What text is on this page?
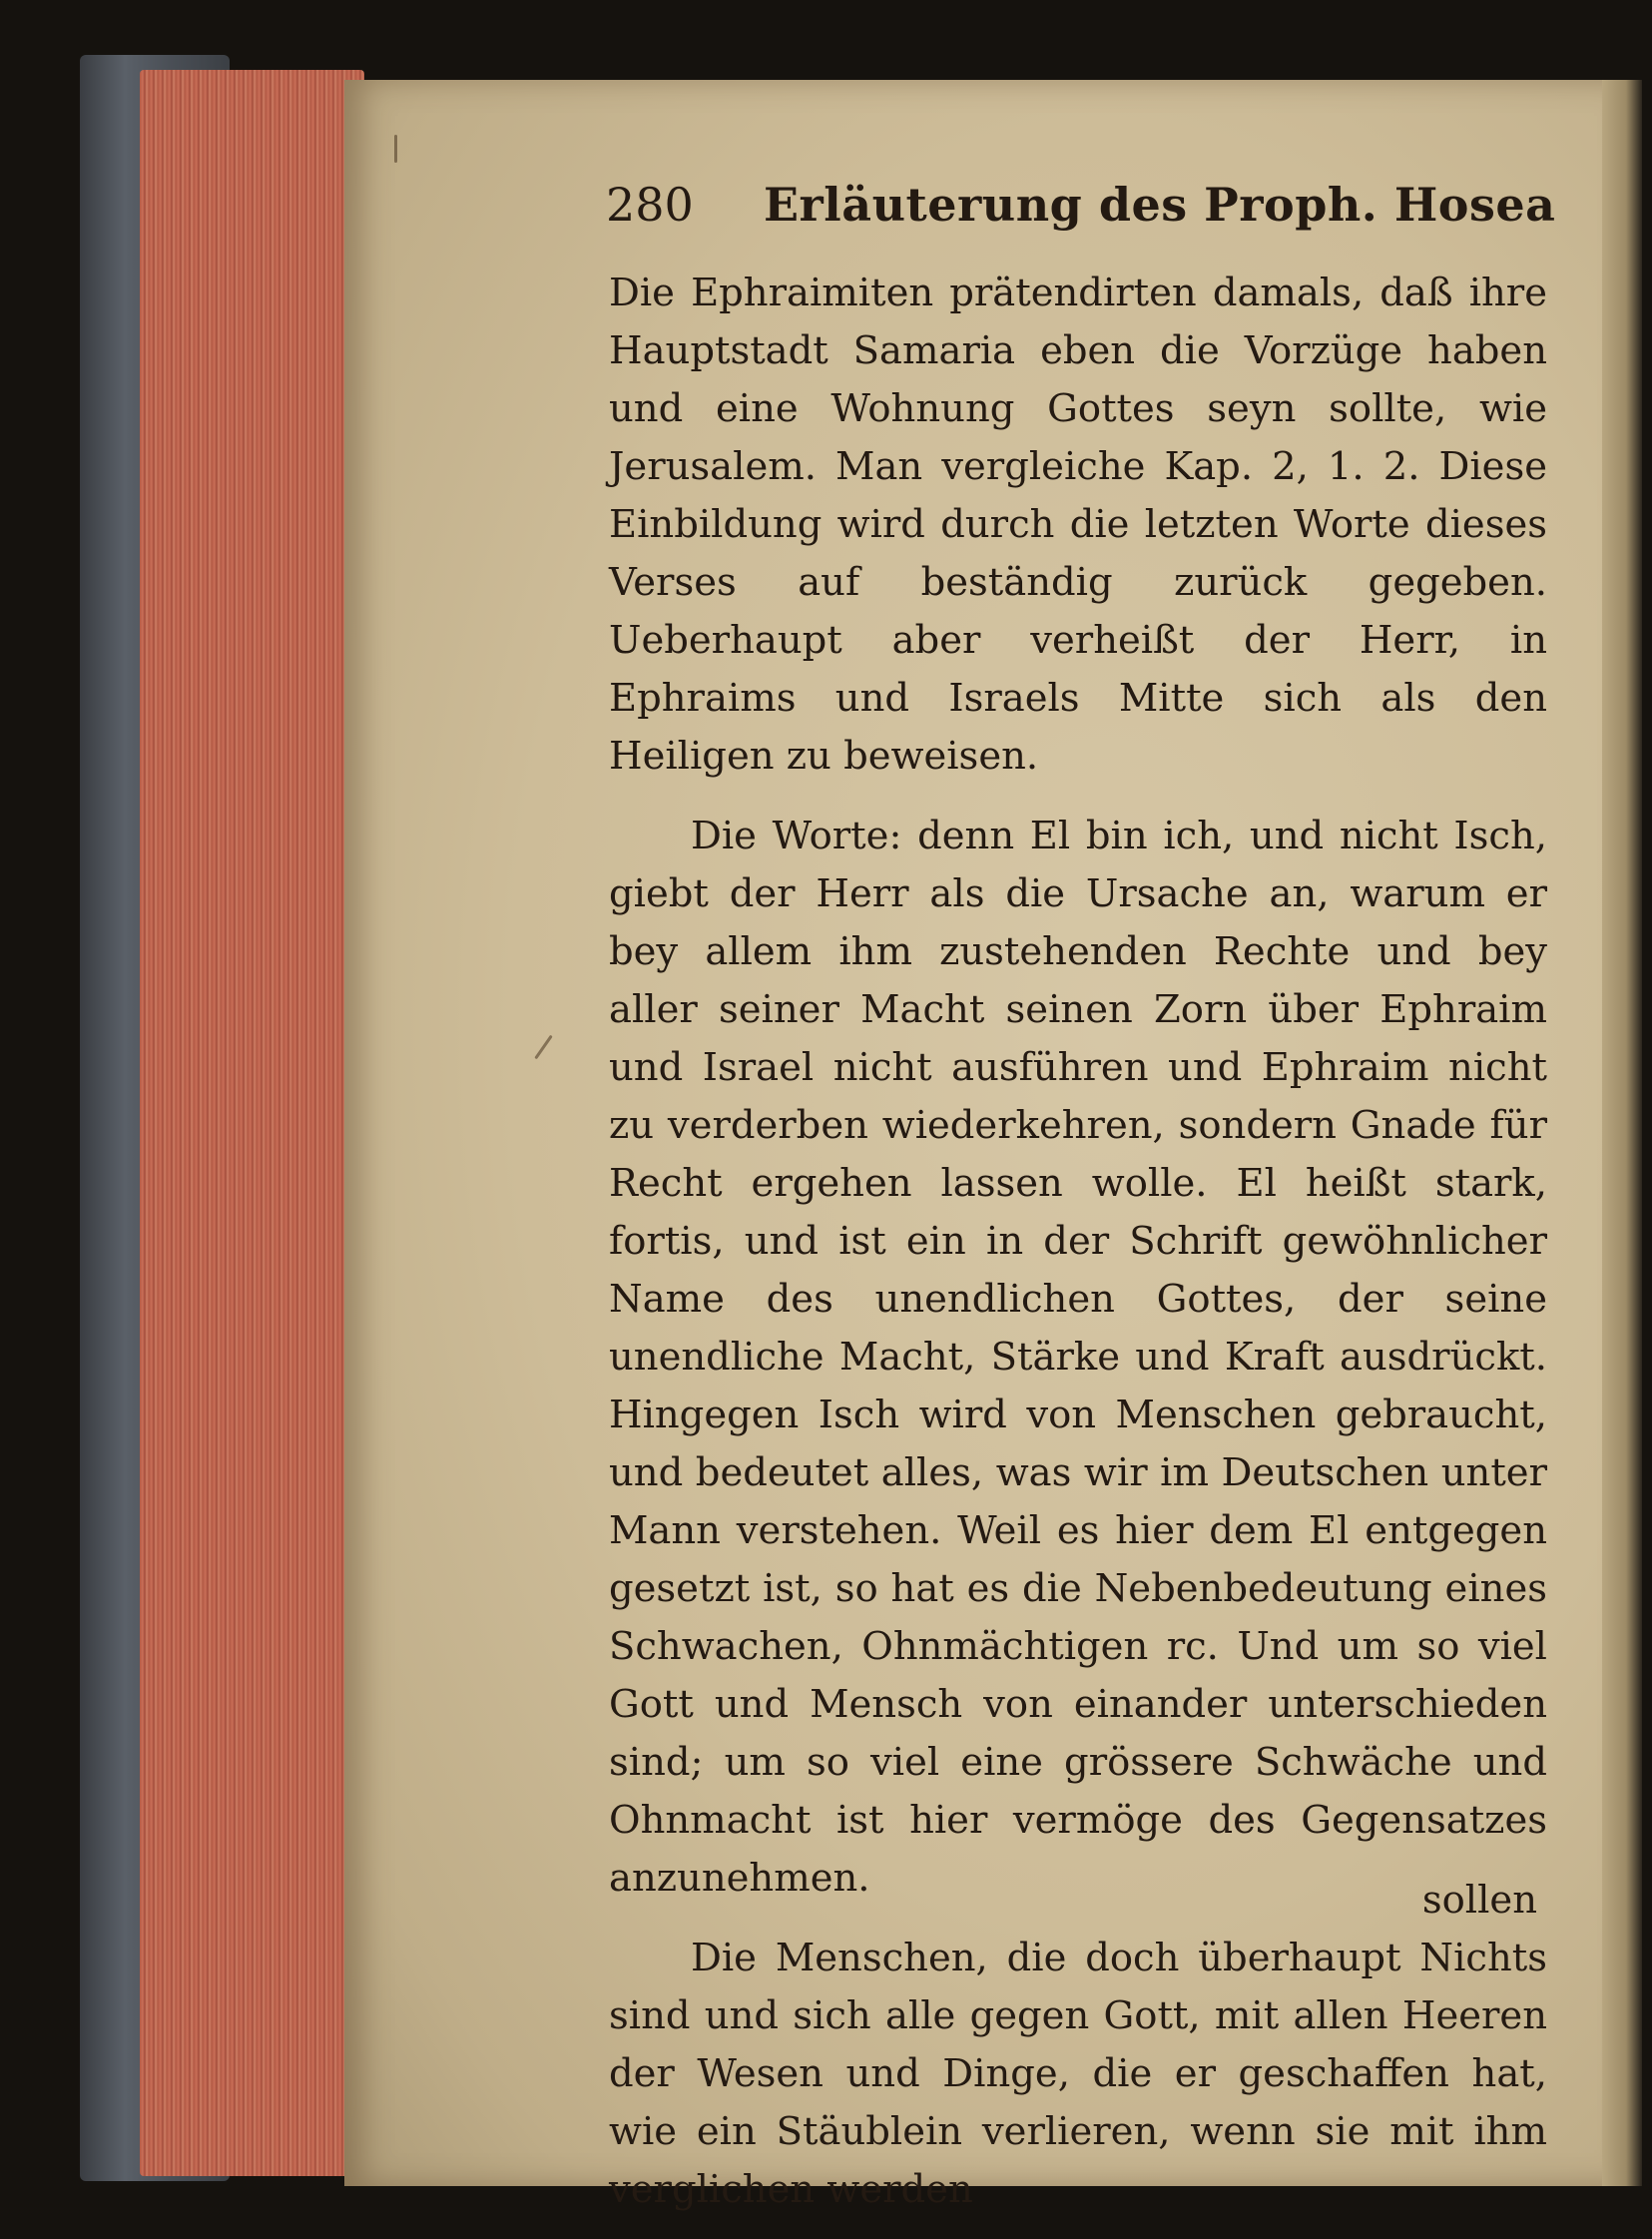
280 Erläuterung des Proph. Hosea

Die Ephraimiten prätendirten damals, daß ihre Hauptstadt Samaria eben die Vorzüge haben und eine Wohnung Gottes seyn sollte, wie Jerusalem. Man vergleiche Kap. 2, 1. 2. Diese Einbildung wird durch die letzten Worte dieses Verses auf beständig zurück gegeben. Ueberhaupt aber verheißt der Herr, in Ephraims und Israels Mitte sich als den Heiligen zu beweisen.

Die Worte: denn El bin ich, und nicht Isch, giebt der Herr als die Ursache an, warum er bey allem ihm zustehenden Rechte und bey aller seiner Macht seinen Zorn über Ephraim und Israel nicht ausführen und Ephraim nicht zu verderben wiederkehren, sondern Gnade für Recht ergehen lassen wolle. El heißt stark, fortis, und ist ein in der Schrift gewöhnlicher Name des unendlichen Gottes, der seine unendliche Macht, Stärke und Kraft ausdrückt. Hingegen Isch wird von Menschen gebraucht, und bedeutet alles, was wir im Deutschen unter Mann verstehen. Weil es hier dem El entgegen gesetzt ist, so hat es die Nebenbedeutung eines Schwachen, Ohnmächtigen rc. Und um so viel Gott und Mensch von einander unterschieden sind; um so viel eine grössere Schwäche und Ohnmacht ist hier vermöge des Gegensatzes anzunehmen.

Die Menschen, die doch überhaupt Nichts sind und sich alle gegen Gott, mit allen Heeren der Wesen und Dinge, die er geschaffen hat, wie ein Stäublein verlieren, wenn sie mit ihm verglichen werden

sollen
